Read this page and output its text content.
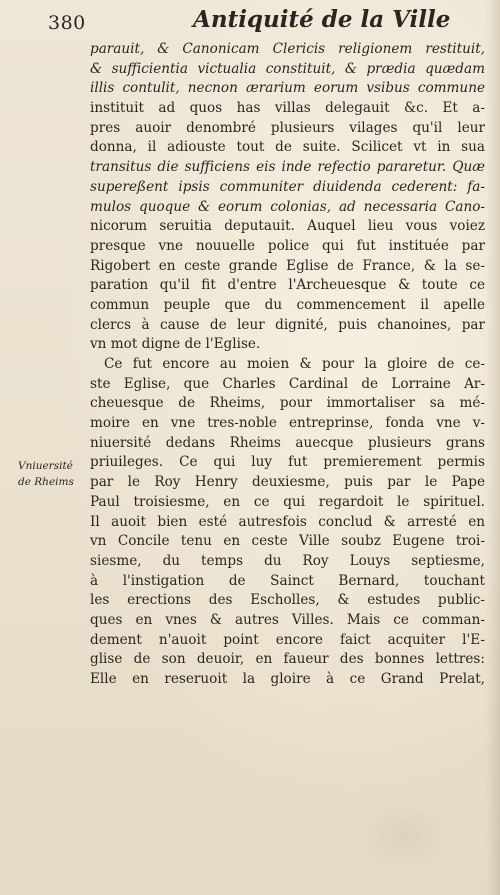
380	Antiquité de la Ville
Vniuersité
de Rheims
parauit, & Canonicam Clericis religionem restituit,
& sufficientia victualia constituit, & prædia quædam
illis contulit, necnon ærarium eorum vsibus commune
instituit ad quos has villas delegauit &c. Et a-
pres auoir denombré plusieurs vilages qu'il leur
donna, il adiouste tout de suite. Scilicet vt in sua
transitus die sufficiens eis inde refectio pararetur. Quæ
supereßent ipsis communiter diuidenda cederent: fa-
mulos quoque & eorum colonias, ad necessaria Cano-
nicorum seruitia deputauit. Auquel lieu vous voiez
presque vne nouuelle police qui fut instituée par
Rigobert en ceste grande Eglise de France, & la se-
paration qu'il fit d'entre l'Archeuesque & toute ce
commun peuple que du commencement il apelle
clercs à cause de leur dignité, puis chanoines, par
vn mot digne de l'Eglise.
Ce fut encore au moien & pour la gloire de ce-
ste Eglise, que Charles Cardinal de Lorraine Ar-
cheuesque de Rheims, pour immortaliser sa mé-
moire en vne tres-noble entreprinse, fonda vne v-
niuersité dedans Rheims auecque plusieurs grans
priuileges. Ce qui luy fut premierement permis
par le Roy Henry deuxiesme, puis par le Pape
Paul troisiesme, en ce qui regardoit le spirituel.
Il auoit bien esté autresfois conclud & arresté en
vn Concile tenu en ceste Ville soubz Eugene troi-
siesme, du temps du Roy Louys septiesme,
à l'instigation de Sainct Bernard, touchant
les erections des Escholles, & estudes public-
ques en vnes & autres Villes. Mais ce comman-
dement n'auoit point encore faict acquiter l'E-
glise de son deuoir, en faueur des bonnes lettres:
Elle en reseruoit la gloire à ce Grand Prelat,
